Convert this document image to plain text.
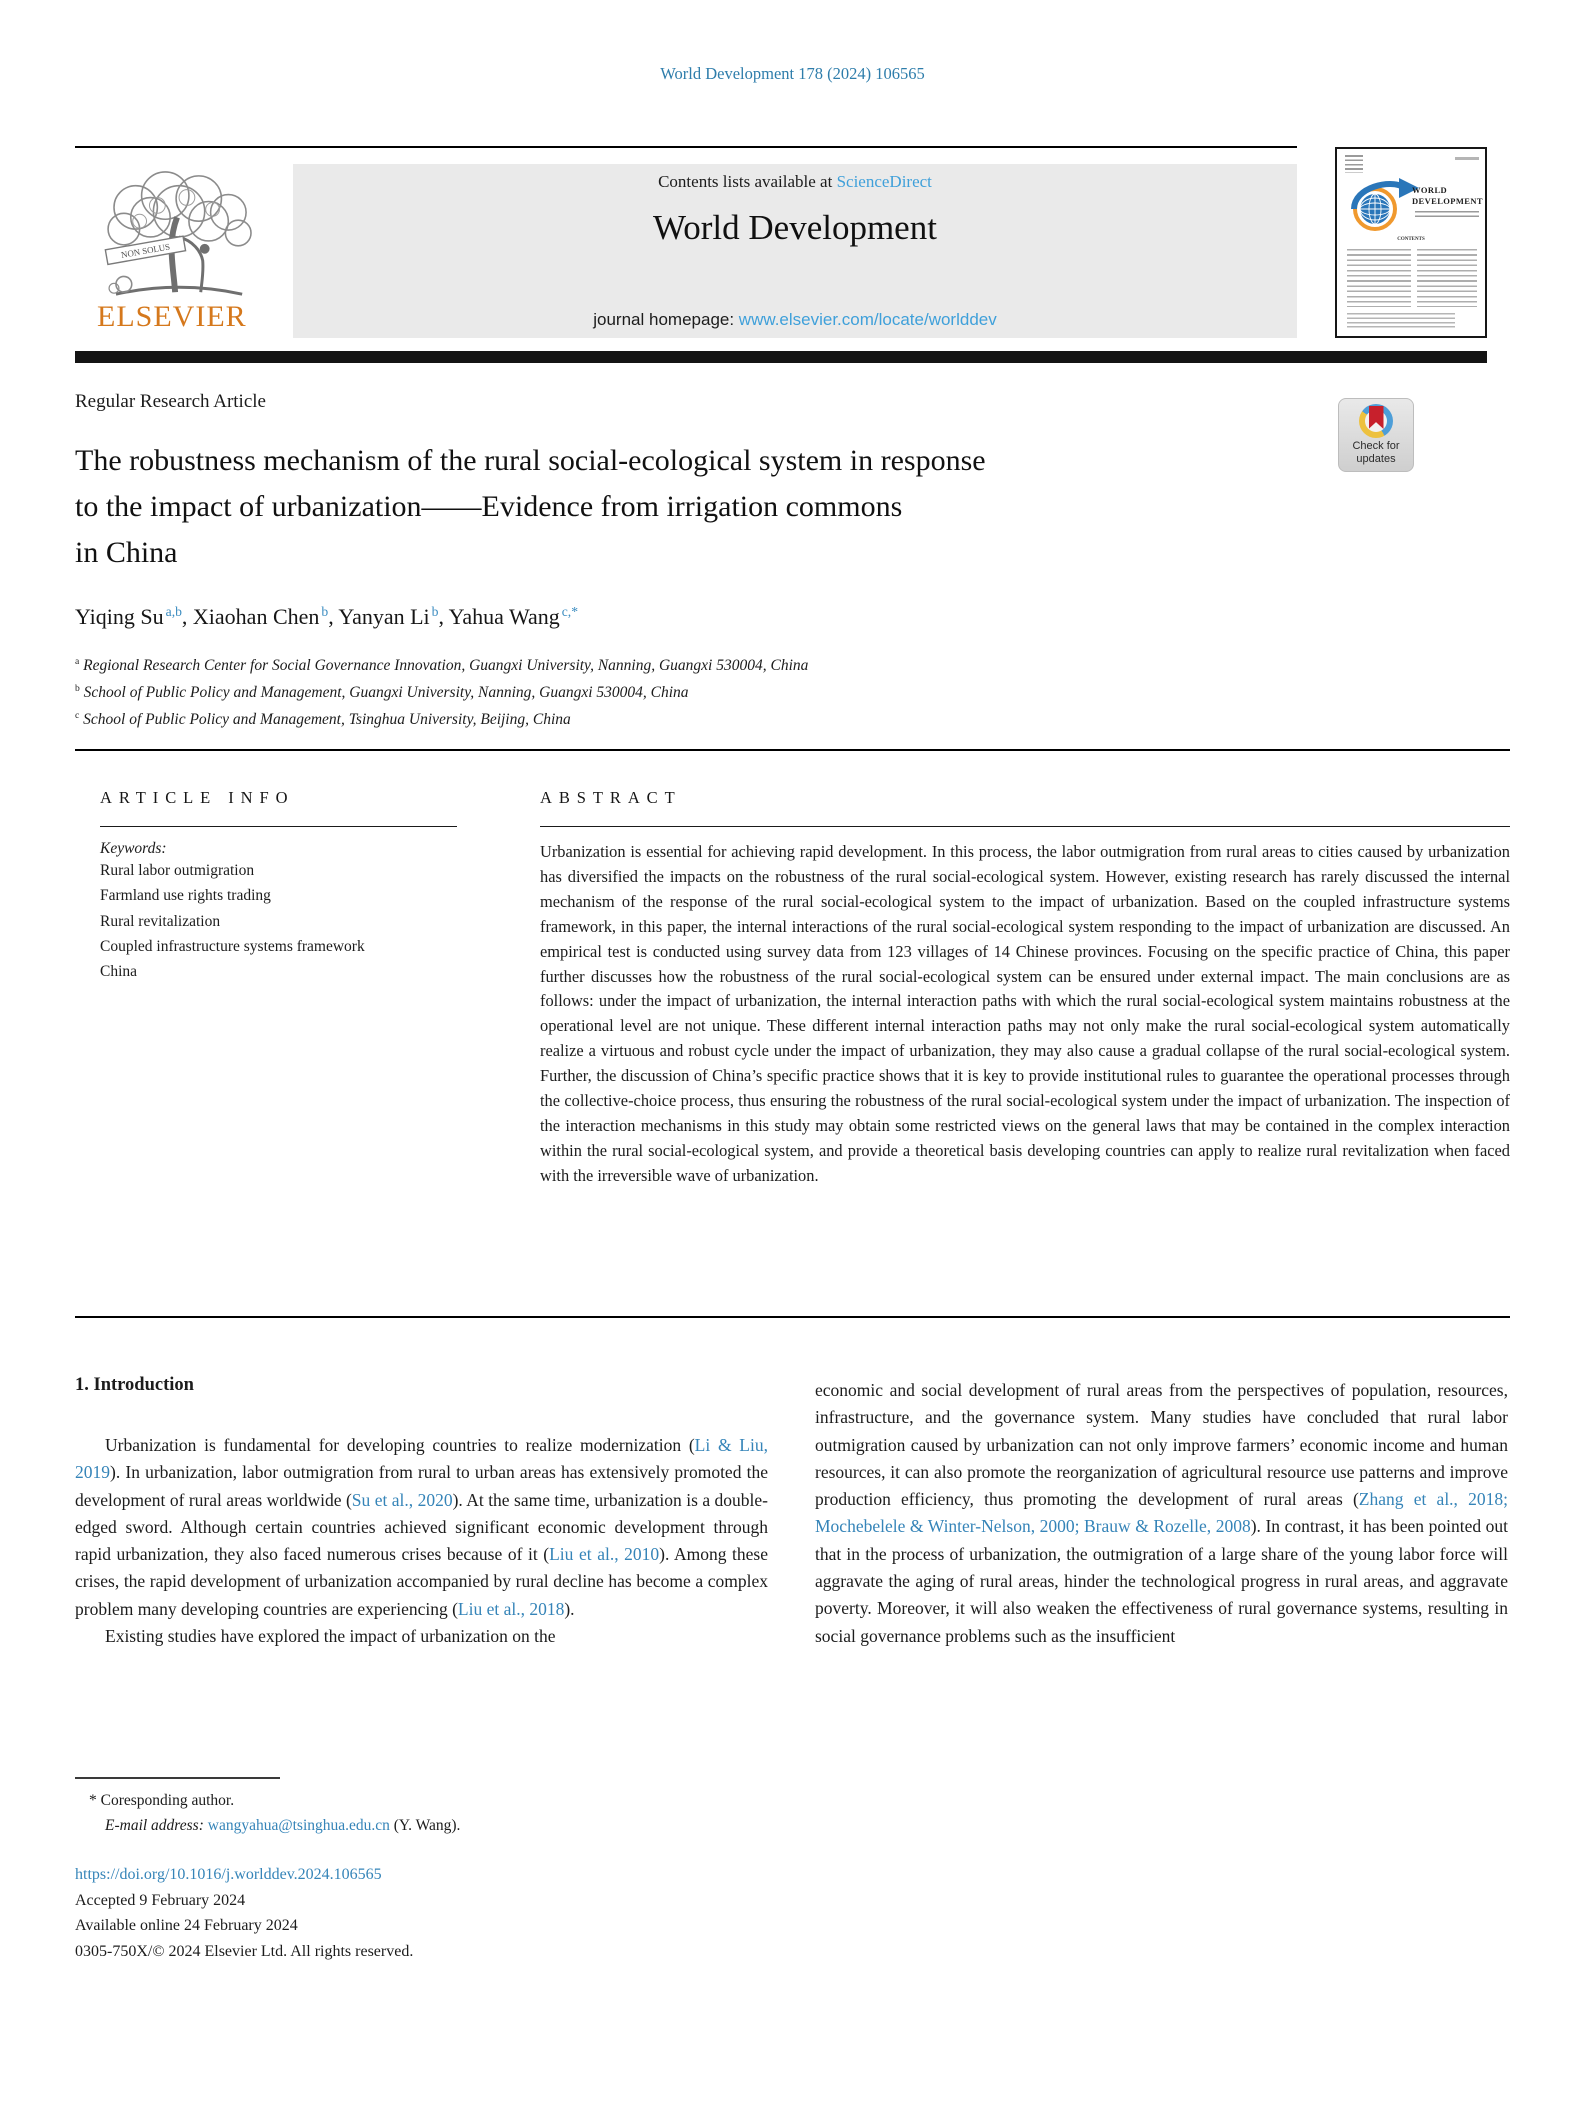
World Development 178 (2024) 106565
NON SOLUS
ELSEVIER
Contents lists available at ScienceDirect
World Development
journal homepage: www.elsevier.com/locate/worlddev
WORLD
DEVELOPMENT
CONTENTS
Regular Research Article
Check for
updates
The robustness mechanism of the rural social-ecological system in response
to the impact of urbanization——Evidence from irrigation commons
in China
Yiqing Su $^{a,b}$, Xiaohan Chen $^b$, Yanyan Li $^b$, Yahua Wang $^{c,*}$
$^a$ Regional Research Center for Social Governance Innovation, Guangxi University, Nanning, Guangxi 530004, China
$^b$ School of Public Policy and Management, Guangxi University, Nanning, Guangxi 530004, China
$^c$ School of Public Policy and Management, Tsinghua University, Beijing, China
ARTICLE INFO
Keywords:
Rural labor outmigration
Farmland use rights trading
Rural revitalization
Coupled infrastructure systems framework
China
ABSTRACT
Urbanization is essential for achieving rapid development. In this process, the labor outmigration from rural areas to cities caused by urbanization has diversified the impacts on the robustness of the rural social-ecological system. However, existing research has rarely discussed the internal mechanism of the response of the rural social-ecological system to the impact of urbanization. Based on the coupled infrastructure systems framework, in this paper, the internal interactions of the rural social-ecological system responding to the impact of urbanization are discussed. An empirical test is conducted using survey data from 123 villages of 14 Chinese provinces. Focusing on the specific practice of China, this paper further discusses how the robustness of the rural social-ecological system can be ensured under external impact. The main conclusions are as follows: under the impact of urbanization, the internal interaction paths with which the rural social-ecological system maintains robustness at the operational level are not unique. These different internal interaction paths may not only make the rural social-ecological system automatically realize a virtuous and robust cycle under the impact of urbanization, they may also cause a gradual collapse of the rural social-ecological system. Further, the discussion of China’s specific practice shows that it is key to provide institutional rules to guarantee the operational processes through the collective-choice process, thus ensuring the robustness of the rural social-ecological system under the impact of urbanization. The inspection of the interaction mechanisms in this study may obtain some restricted views on the general laws that may be contained in the complex interaction within the rural social-ecological system, and provide a theoretical basis developing countries can apply to realize rural revitalization when faced with the irreversible wave of urbanization.
1. Introduction

Urbanization is fundamental for developing countries to realize modernization (Li & Liu, 2019). In urbanization, labor outmigration from rural to urban areas has extensively promoted the development of rural areas worldwide (Su et al., 2020). At the same time, urbanization is a double-edged sword. Although certain countries achieved significant economic development through rapid urbanization, they also faced numerous crises because of it (Liu et al., 2010). Among these crises, the rapid development of urbanization accompanied by rural decline has become a complex problem many developing countries are experiencing (Liu et al., 2018).

Existing studies have explored the impact of urbanization on the

economic and social development of rural areas from the perspectives of population, resources, infrastructure, and the governance system. Many studies have concluded that rural labor outmigration caused by urbanization can not only improve farmers’ economic income and human resources, it can also promote the reorganization of agricultural resource use patterns and improve production efficiency, thus promoting the development of rural areas (Zhang et al., 2018; Mochebelele & Winter-Nelson, 2000; Brauw & Rozelle, 2008). In contrast, it has been pointed out that in the process of urbanization, the outmigration of a large share of the young labor force will aggravate the aging of rural areas, hinder the technological progress in rural areas, and aggravate poverty. Moreover, it will also weaken the effectiveness of rural governance systems, resulting in social governance problems such as the insufficient

* Coresponding author.
E-mail address: wangyahua@tsinghua.edu.cn (Y. Wang).
https://doi.org/10.1016/j.worlddev.2024.106565
Accepted 9 February 2024
Available online 24 February 2024
0305-750X/© 2024 Elsevier Ltd. All rights reserved.
